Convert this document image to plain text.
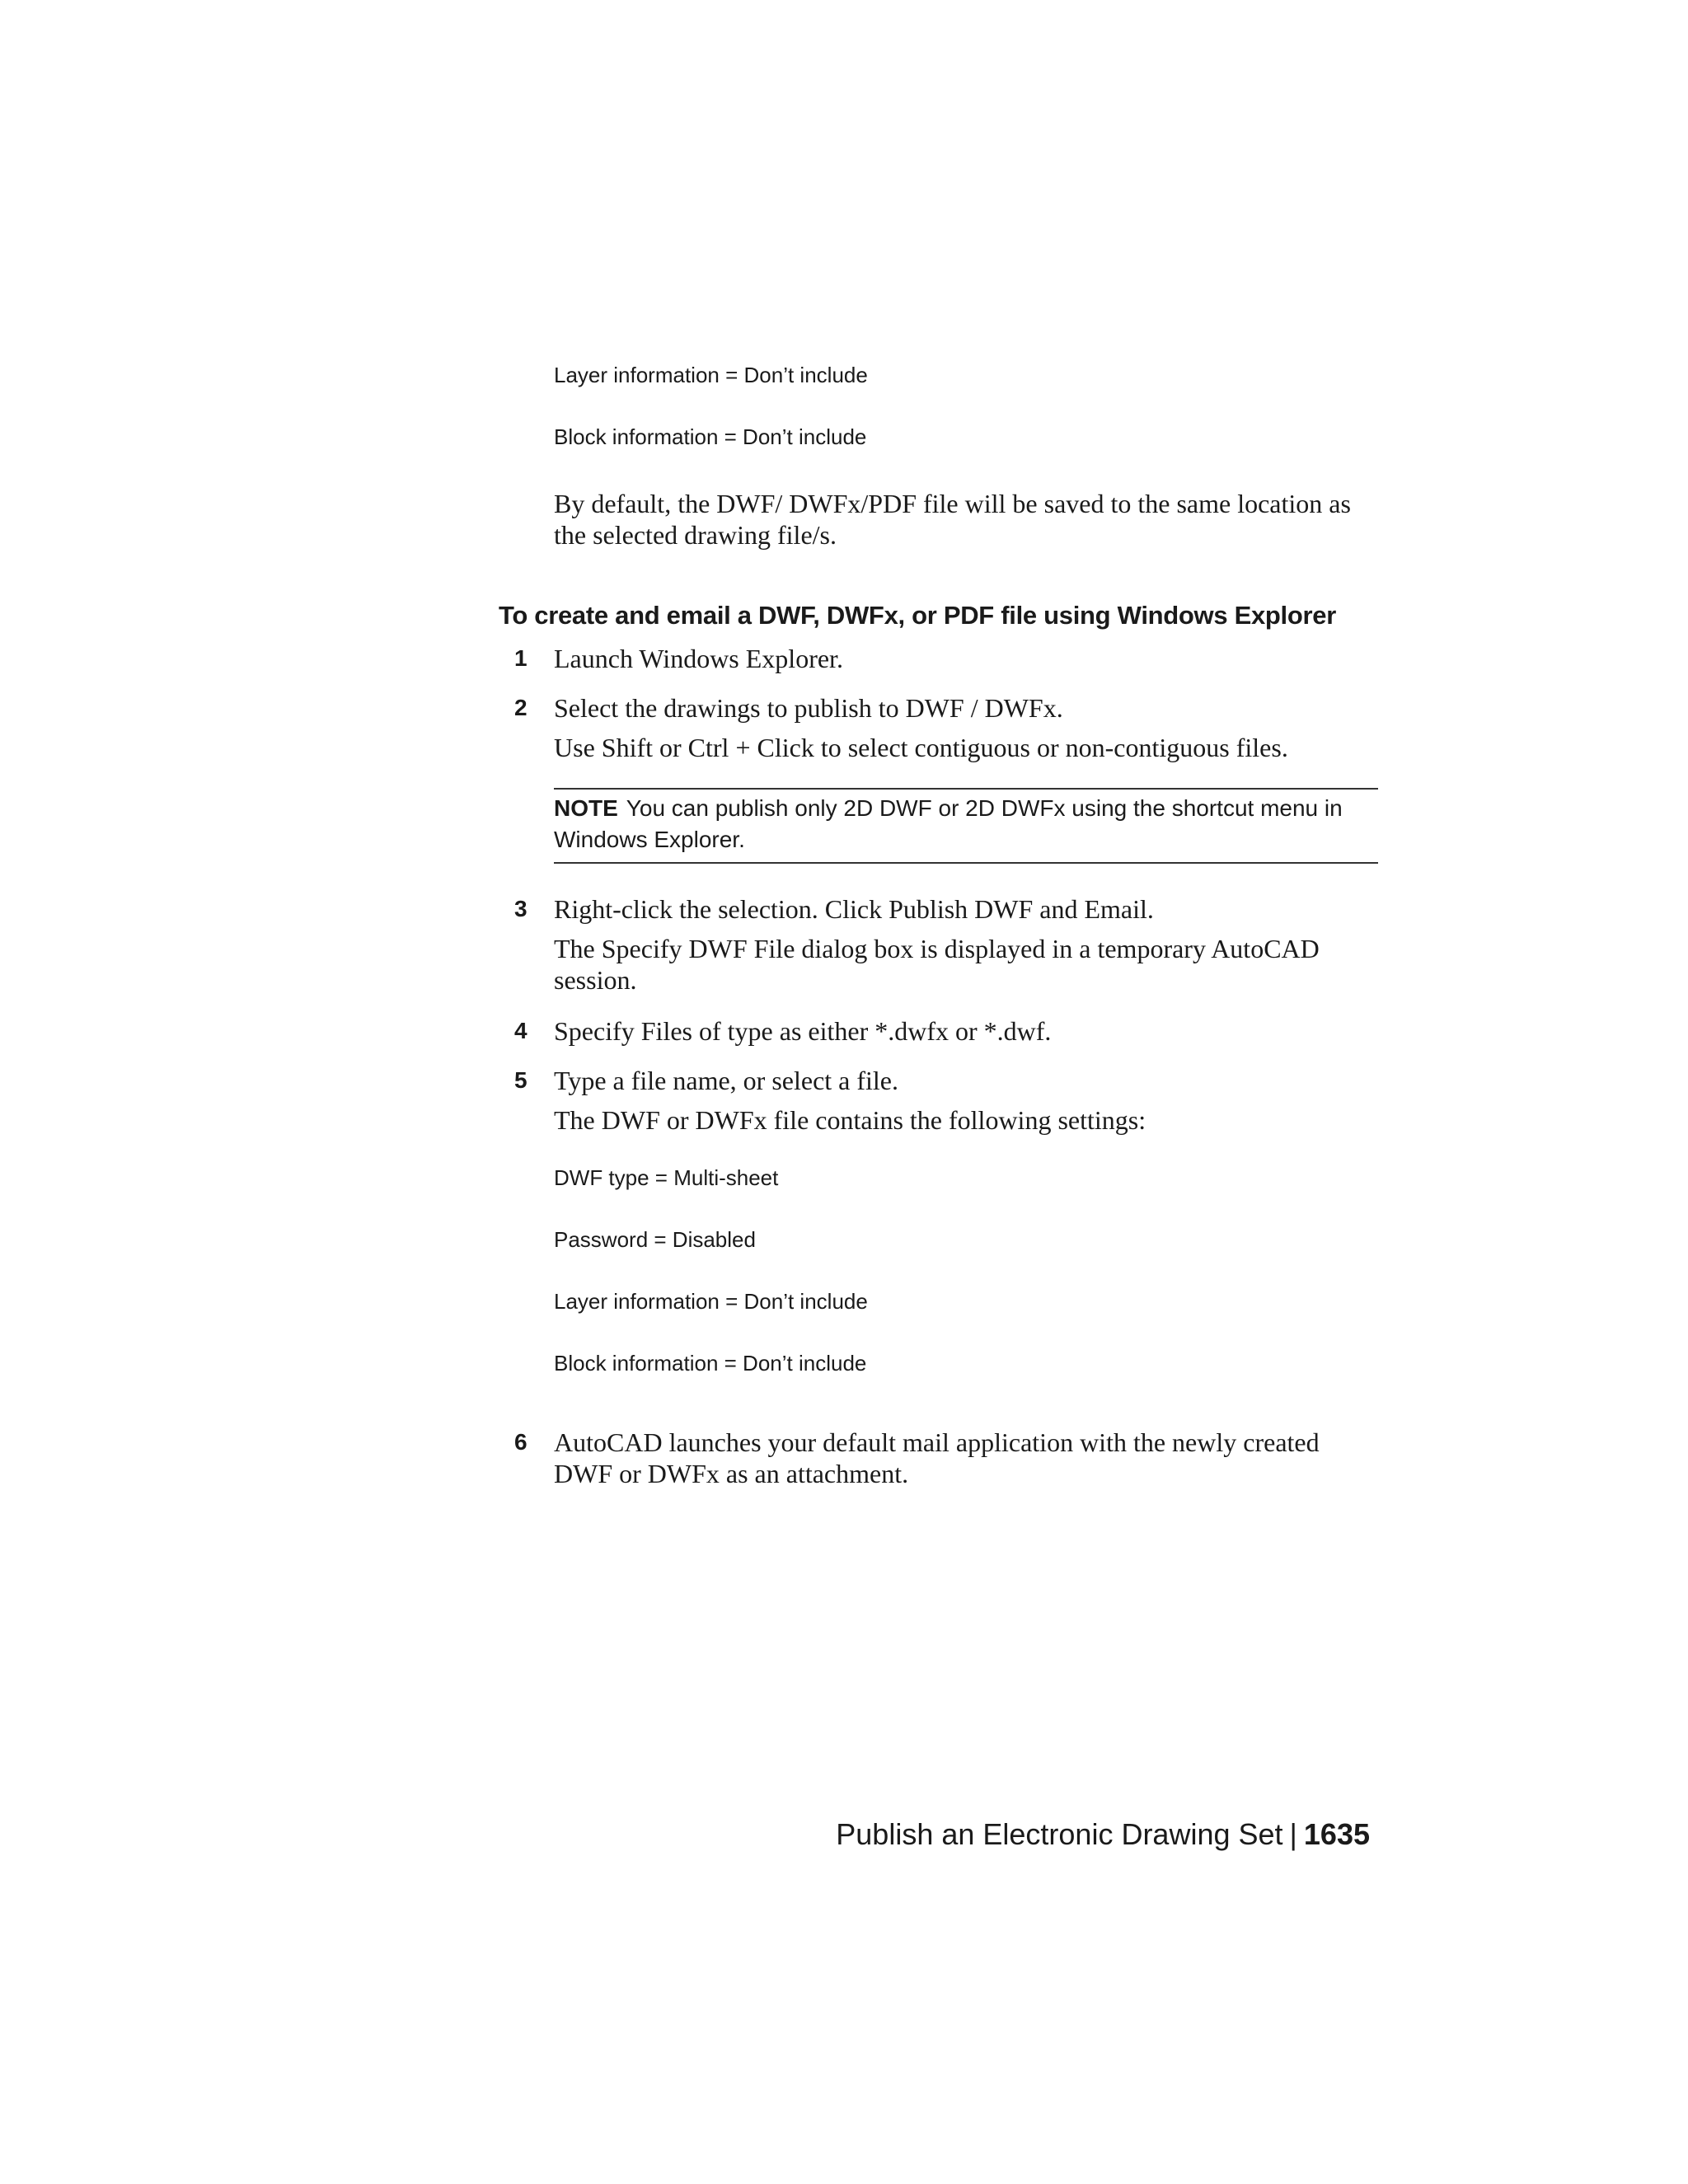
Layer information = Don’t include
Block information = Don’t include
By default, the DWF/ DWFx/PDF file will be saved to the same location as the selected drawing file/s.
To create and email a DWF, DWFx, or PDF file using Windows Explorer
1	Launch Windows Explorer.
2	Select the drawings to publish to DWF / DWFx.
Use Shift or Ctrl + Click to select contiguous or non-contiguous files.
NOTE You can publish only 2D DWF or 2D DWFx using the shortcut menu in Windows Explorer.
3	Right-click the selection. Click Publish DWF and Email.
The Specify DWF File dialog box is displayed in a temporary AutoCAD session.
4	Specify Files of type as either *.dwfx or *.dwf.
5	Type a file name, or select a file.
The DWF or DWFx file contains the following settings:
DWF type = Multi-sheet
Password = Disabled
Layer information = Don’t include
Block information = Don’t include
6	AutoCAD launches your default mail application with the newly created DWF or DWFx as an attachment.
Publish an Electronic Drawing Set | 1635
